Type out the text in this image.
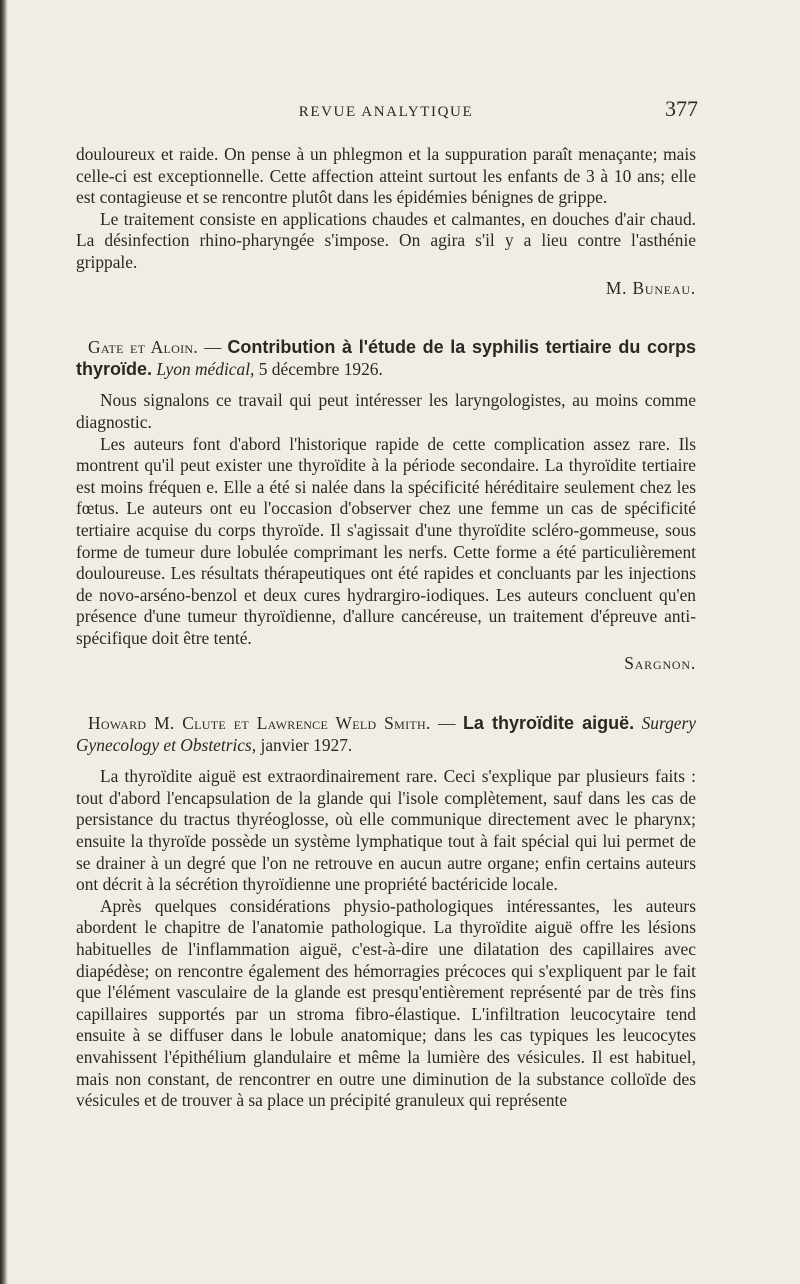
REVUE ANALYTIQUE	377

douloureux et raide. On pense à un phlegmon et la suppuration paraît menaçante; mais celle-ci est exceptionnelle. Cette affection atteint surtout les enfants de 3 à 10 ans; elle est contagieuse et se rencontre plutôt dans les épidémies bénignes de grippe.

Le traitement consiste en applications chaudes et calmantes, en douches d'air chaud. La désinfection rhino-pharyngée s'impose. On agira s'il y a lieu contre l'asthénie grippale.

M. Buneau.

Gate et Aloin. — Contribution à l'étude de la syphilis tertiaire du corps thyroïde. Lyon médical, 5 décembre 1926.

Nous signalons ce travail qui peut intéresser les laryngologistes, au moins comme diagnostic.

Les auteurs font d'abord l'historique rapide de cette complication assez rare. Ils montrent qu'il peut exister une thyroïdite à la période secondaire. La thyroïdite tertiaire est moins fréquen e. Elle a été si nalée dans la spécificité héréditaire seulement chez les fœtus. Le auteurs ont eu l'occasion d'observer chez une femme un cas de spécificité tertiaire acquise du corps thyroïde. Il s'agissait d'une thyroïdite scléro-gommeuse, sous forme de tumeur dure lobulée comprimant les nerfs. Cette forme a été particulièrement douloureuse. Les résultats thérapeutiques ont été rapides et concluants par les injections de novo-arséno-benzol et deux cures hydrargiro-iodiques. Les auteurs concluent qu'en présence d'une tumeur thyroïdienne, d'allure cancéreuse, un traitement d'épreuve anti-spécifique doit être tenté.

Sargnon.

Howard M. Clute et Lawrence Weld Smith. — La thyroïdite aiguë. Surgery Gynecology et Obstetrics, janvier 1927.

La thyroïdite aiguë est extraordinairement rare. Ceci s'explique par plusieurs faits : tout d'abord l'encapsulation de la glande qui l'isole complètement, sauf dans les cas de persistance du tractus thyréoglosse, où elle communique directement avec le pharynx; ensuite la thyroïde possède un système lymphatique tout à fait spécial qui lui permet de se drainer à un degré que l'on ne retrouve en aucun autre organe; enfin certains auteurs ont décrit à la sécrétion thyroïdienne une propriété bactéricide locale.

Après quelques considérations physio-pathologiques intéressantes, les auteurs abordent le chapitre de l'anatomie pathologique. La thyroïdite aiguë offre les lésions habituelles de l'inflammation aiguë, c'est-à-dire une dilatation des capillaires avec diapédèse; on rencontre également des hémorragies précoces qui s'expliquent par le fait que l'élément vasculaire de la glande est presqu'entièrement représenté par de très fins capillaires supportés par un stroma fibro-élastique. L'infiltration leucocytaire tend ensuite à se diffuser dans le lobule anatomique; dans les cas typiques les leucocytes envahissent l'épithélium glandulaire et même la lumière des vésicules. Il est habituel, mais non constant, de rencontrer en outre une diminution de la substance colloïde des vésicules et de trouver à sa place un précipité granuleux qui représente
